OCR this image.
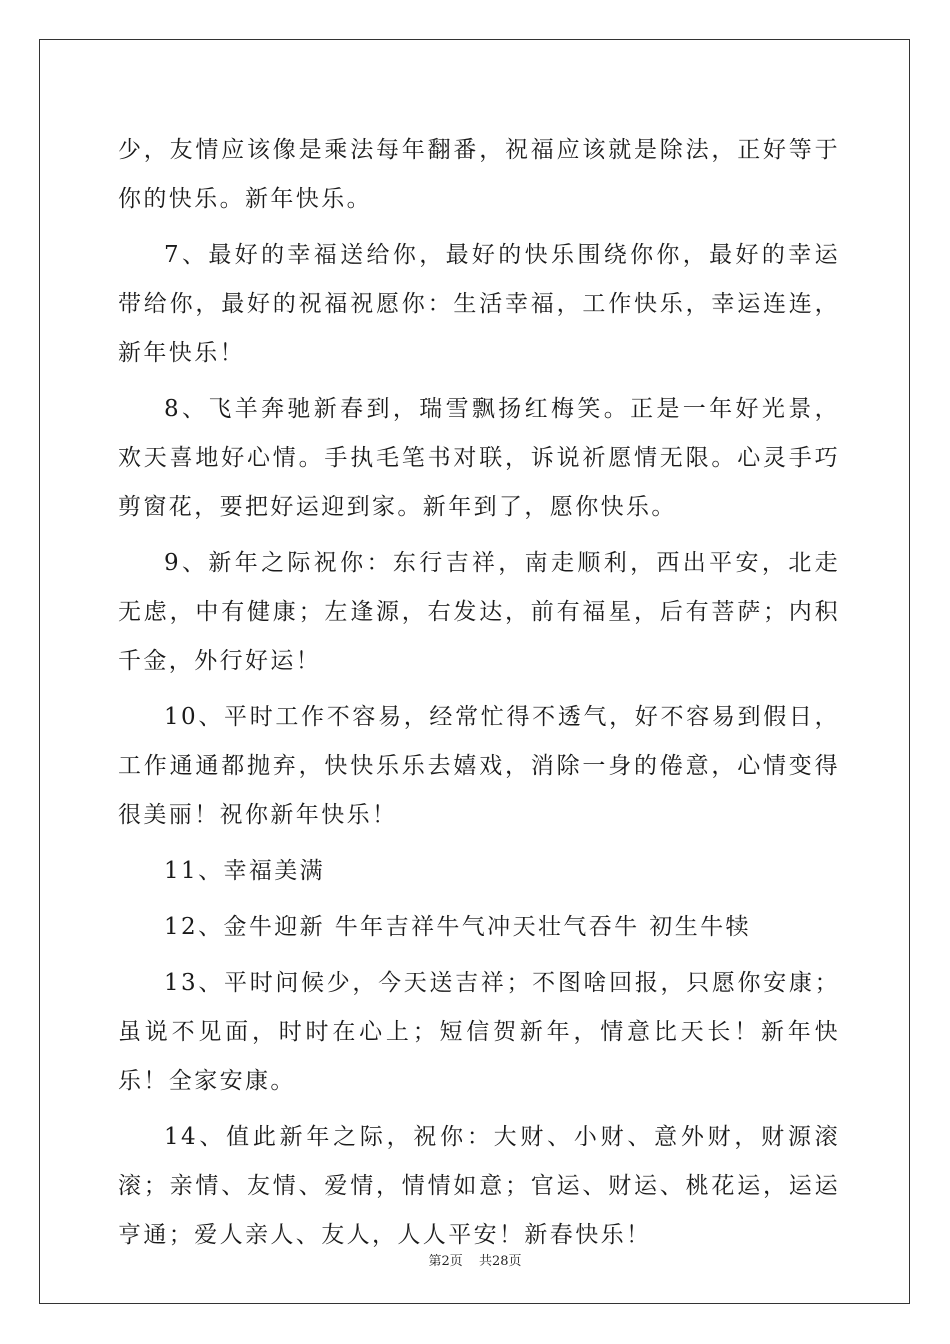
少，友情应该像是乘法每年翻番，祝福应该就是除法，正好等于你的快乐。新年快乐。

7、最好的幸福送给你，最好的快乐围绕你你，最好的幸运带给你，最好的祝福祝愿你：生活幸福，工作快乐，幸运连连，新年快乐！

8、飞羊奔驰新春到，瑞雪飘扬红梅笑。正是一年好光景，欢天喜地好心情。手执毛笔书对联，诉说祈愿情无限。心灵手巧剪窗花，要把好运迎到家。新年到了，愿你快乐。

9、新年之际祝你：东行吉祥，南走顺利，西出平安，北走无虑，中有健康；左逢源，右发达，前有福星，后有菩萨；内积千金，外行好运！

10、平时工作不容易，经常忙得不透气，好不容易到假日，工作通通都抛弃，快快乐乐去嬉戏，消除一身的倦意，心情变得很美丽！祝你新年快乐！

11、幸福美满

12、金牛迎新 牛年吉祥牛气冲天壮气吞牛 初生牛犊

13、平时问候少，今天送吉祥；不图啥回报，只愿你安康；虽说不见面，时时在心上；短信贺新年，情意比天长！新年快乐！全家安康。

14、值此新年之际，祝你：大财、小财、意外财，财源滚滚；亲情、友情、爱情，情情如意；官运、财运、桃花运，运运亨通；爱人亲人、友人，人人平安！新春快乐！

第2页 共28页
